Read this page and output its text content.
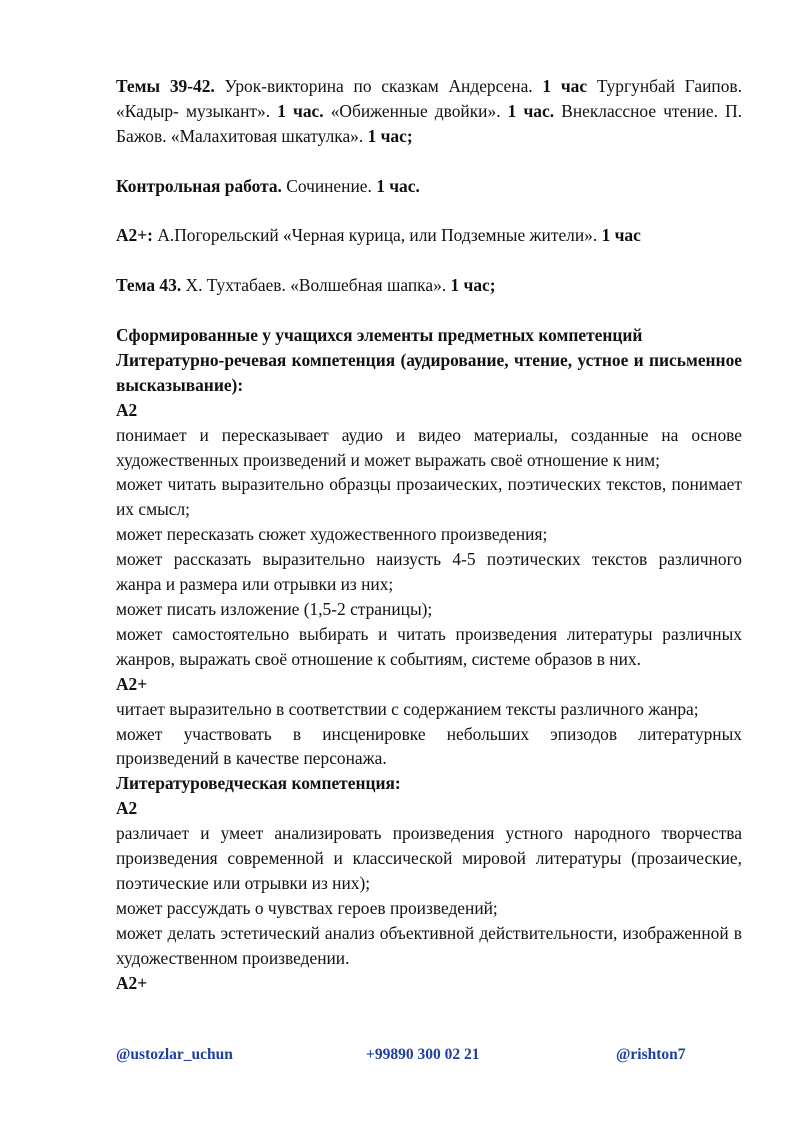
Темы 39-42. Урок-викторина по сказкам Андерсена. 1 час Тургунбай Гаипов. «Кадыр- музыкант». 1 час. «Обиженные двойки». 1 час. Внеклассное чтение. П. Бажов. «Малахитовая шкатулка». 1 час;

Контрольная работа. Сочинение. 1 час.

А2+: А.Погорельский «Черная курица, или Подземные жители». 1 час

Тема 43. Х. Тухтабаев. «Волшебная шапка». 1 час;

Сформированные у учащихся элементы предметных компетенций

Литературно-речевая компетенция (аудирование, чтение, устное и письменное высказывание):

А2

понимает и пересказывает аудио и видео материалы, созданные на основе художественных произведений и может выражать своё отношение к ним;

может читать выразительно образцы прозаических, поэтических текстов, понимает их смысл;

может пересказать сюжет художественного произведения;

может рассказать выразительно наизусть 4-5 поэтических текстов различного жанра и размера или отрывки из них;

может писать изложение (1,5-2 страницы);

может самостоятельно выбирать и читать произведения литературы различных жанров, выражать своё отношение к событиям, системе образов в них.

А2+

читает выразительно в соответствии с содержанием тексты различного жанра;

может участвовать в инсценировке небольших эпизодов литературных произведений в качестве персонажа.

Литературоведческая компетенция:

А2

различает и умеет анализировать произведения устного народного творчества произведения современной и классической мировой литературы (прозаические, поэтические или отрывки из них);

может рассуждать о чувствах героев произведений;

может делать эстетический анализ объективной действительности, изображенной в художественном произведении.

А2+

@ustozlar_uchun	+99890 300 02 21	@rishton7
